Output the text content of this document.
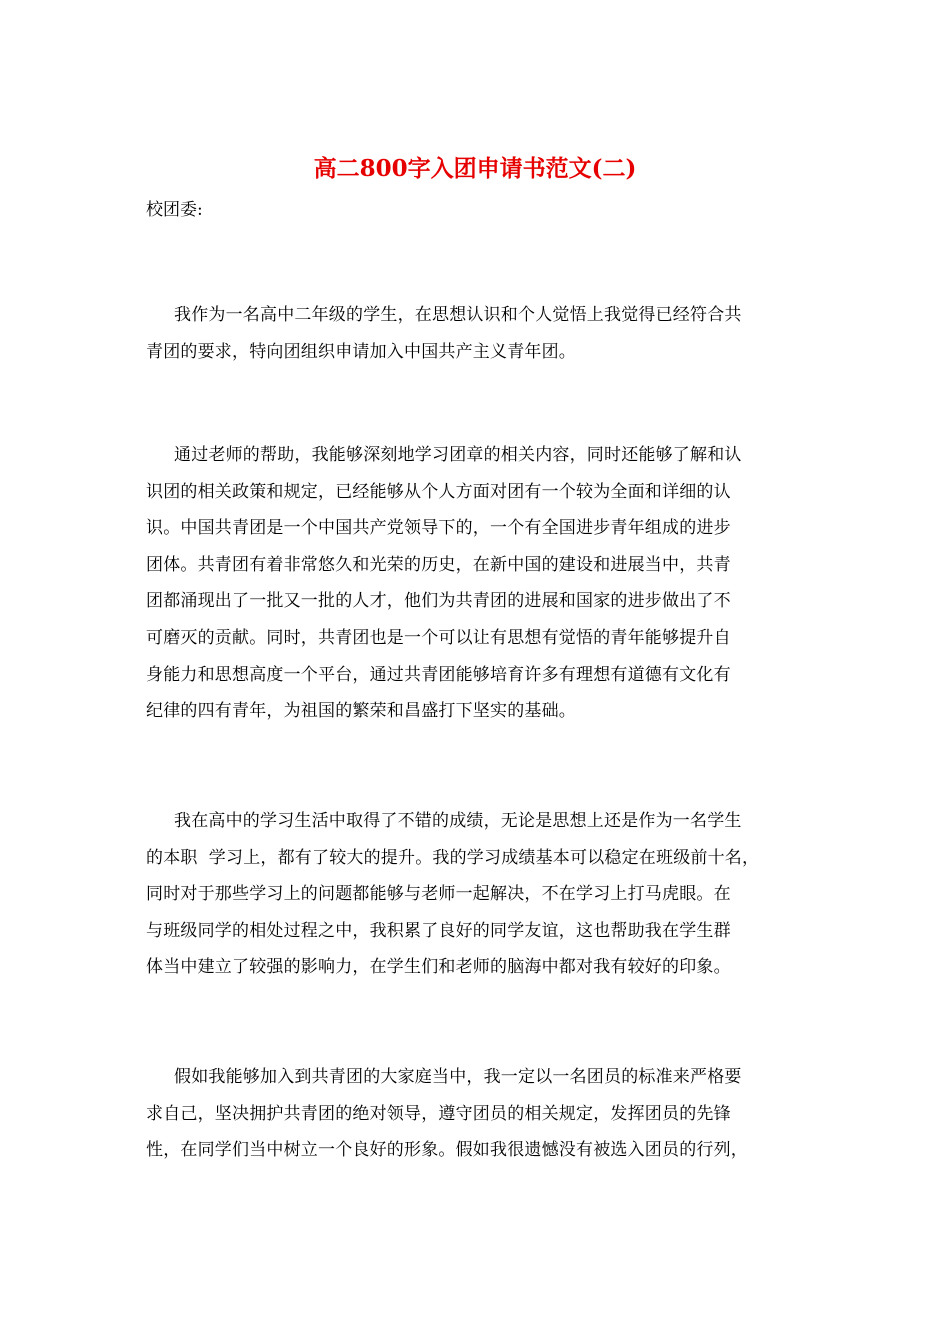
高二800字入团申请书范文(二)

校团委:

我作为一名高中二年级的学生，在思想认识和个人觉悟上我觉得已经符合共
青团的要求，特向团组织申请加入中国共产主义青年团。
通过老师的帮助，我能够深刻地学习团章的相关内容，同时还能够了解和认
识团的相关政策和规定，已经能够从个人方面对团有一个较为全面和详细的认
识。中国共青团是一个中国共产党领导下的，一个有全国进步青年组成的进步
团体。共青团有着非常悠久和光荣的历史，在新中国的建设和进展当中，共青
团都涌现出了一批又一批的人才，他们为共青团的进展和国家的进步做出了不
可磨灭的贡献。同时，共青团也是一个可以让有思想有觉悟的青年能够提升自
身能力和思想高度一个平台，通过共青团能够培育许多有理想有道德有文化有
纪律的四有青年，为祖国的繁荣和昌盛打下坚实的基础。
我在高中的学习生活中取得了不错的成绩，无论是思想上还是作为一名学生
的本职  学习上，都有了较大的提升。我的学习成绩基本可以稳定在班级前十名，
同时对于那些学习上的问题都能够与老师一起解决，不在学习上打马虎眼。在
与班级同学的相处过程之中，我积累了良好的同学友谊，这也帮助我在学生群
体当中建立了较强的影响力，在学生们和老师的脑海中都对我有较好的印象。
假如我能够加入到共青团的大家庭当中，我一定以一名团员的标准来严格要
求自己，坚决拥护共青团的绝对领导，遵守团员的相关规定，发挥团员的先锋
性，在同学们当中树立一个良好的形象。假如我很遗憾没有被选入团员的行列，
